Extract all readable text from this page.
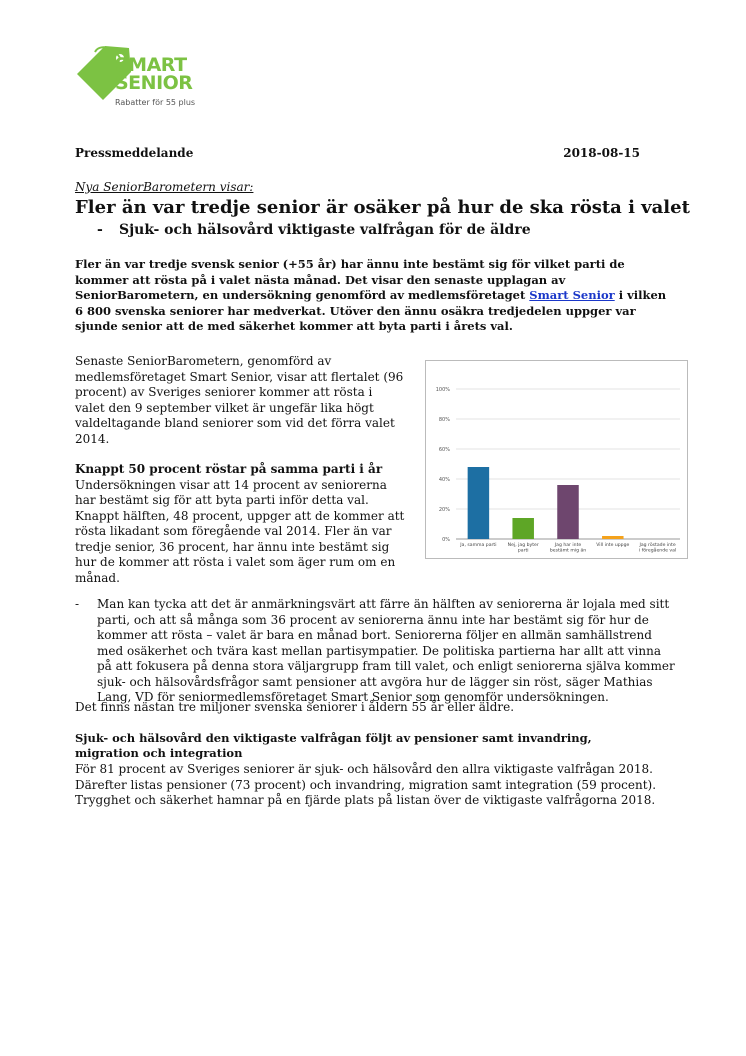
SMART
SENIOR
Rabatter för 55 plus
Pressmeddelande	2018-08-15
Nya SeniorBarometern visar:
Fler än var tredje senior är osäker på hur de ska rösta i valet
- Sjuk- och hälsovård viktigaste valfrågan för de äldre
Fler än var tredje svensk senior (+55 år) har ännu inte bestämt sig för vilket parti de kommer att rösta på i valet nästa månad. Det visar den senaste upplagan av SeniorBarometern, en undersökning genomförd av medlemsföretaget Smart Senior i vilken 6 800 svenska seniorer har medverkat. Utöver den ännu osäkra tredjedelen uppger var sjunde senior att de med säkerhet kommer att byta parti i årets val.

Senaste SeniorBarometern, genomförd av medlemsföretaget Smart Senior, visar att flertalet (96 procent) av Sveriges seniorer kommer att rösta i valet den 9 september vilket är ungefär lika högt valdeltagande bland seniorer som vid det förra valet 2014.

Knappt 50 procent röstar på samma parti i år

Undersökningen visar att 14 procent av seniorerna har bestämt sig för att byta parti inför detta val. Knappt hälften, 48 procent, uppger att de kommer att rösta likadant som föregående val 2014. Fler än var tredje senior, 36 procent, har ännu inte bestämt sig hur de kommer att rösta i valet som äger rum om en månad.

0%
20%
40%
60%
80%
100%
Ja, samma parti Nej, jag byter
parti
Jag har inte
bestämt mig än
Vill inte uppge Jag röstade inte
i föregående val
- Man kan tycka att det är anmärkningsvärt att färre än hälften av seniorerna är lojala med sitt parti, och att så många som 36 procent av seniorerna ännu inte har bestämt sig för hur de kommer att rösta – valet är bara en månad bort. Seniorerna följer en allmän samhällstrend med osäkerhet och tvära kast mellan partisympatier. De politiska partierna har allt att vinna på att fokusera på denna stora väljargrupp fram till valet, och enligt seniorerna själva kommer sjuk- och hälsovårdsfrågor samt pensioner att avgöra hur de lägger sin röst, säger Mathias Lang, VD för seniormedlemsföretaget Smart Senior som genomför undersökningen.
Det finns nästan tre miljoner svenska seniorer i åldern 55 år eller äldre.
Sjuk- och hälsovård den viktigaste valfrågan följt av pensioner samt invandring, migration och integration
För 81 procent av Sveriges seniorer är sjuk- och hälsovård den allra viktigaste valfrågan 2018. Därefter listas pensioner (73 procent) och invandring, migration samt integration (59 procent). Trygghet och säkerhet hamnar på en fjärde plats på listan över de viktigaste valfrågorna 2018.
